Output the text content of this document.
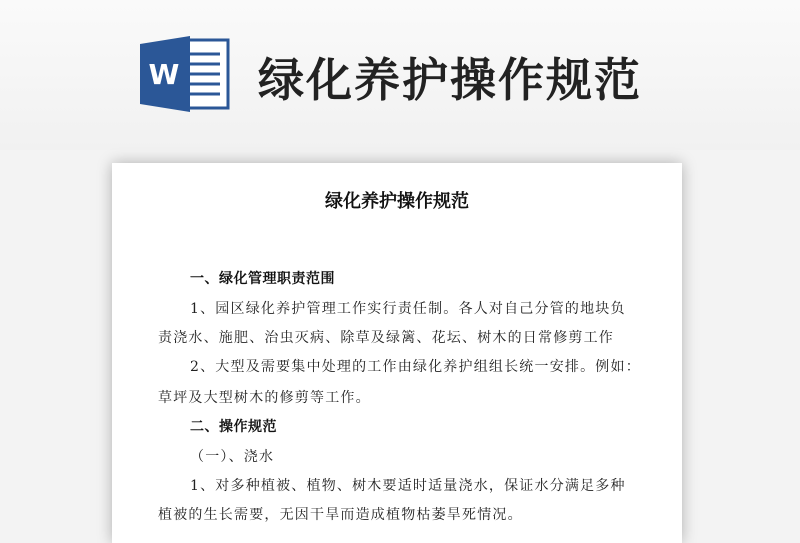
W 绿化养护操作规范
绿化养护操作规范
一、绿化管理职责范围
1、园区绿化养护管理工作实行责任制。各人对自己分管的地块负
责浇水、施肥、治虫灭病、除草及绿篱、花坛、树木的日常修剪工作
2、大型及需要集中处理的工作由绿化养护组组长统一安排。例如：
草坪及大型树木的修剪等工作。
二、操作规范
（一）、浇水
1、对多种植被、植物、树木要适时适量浇水，保证水分满足多种
植被的生长需要，无因干旱而造成植物枯萎旱死情况。
